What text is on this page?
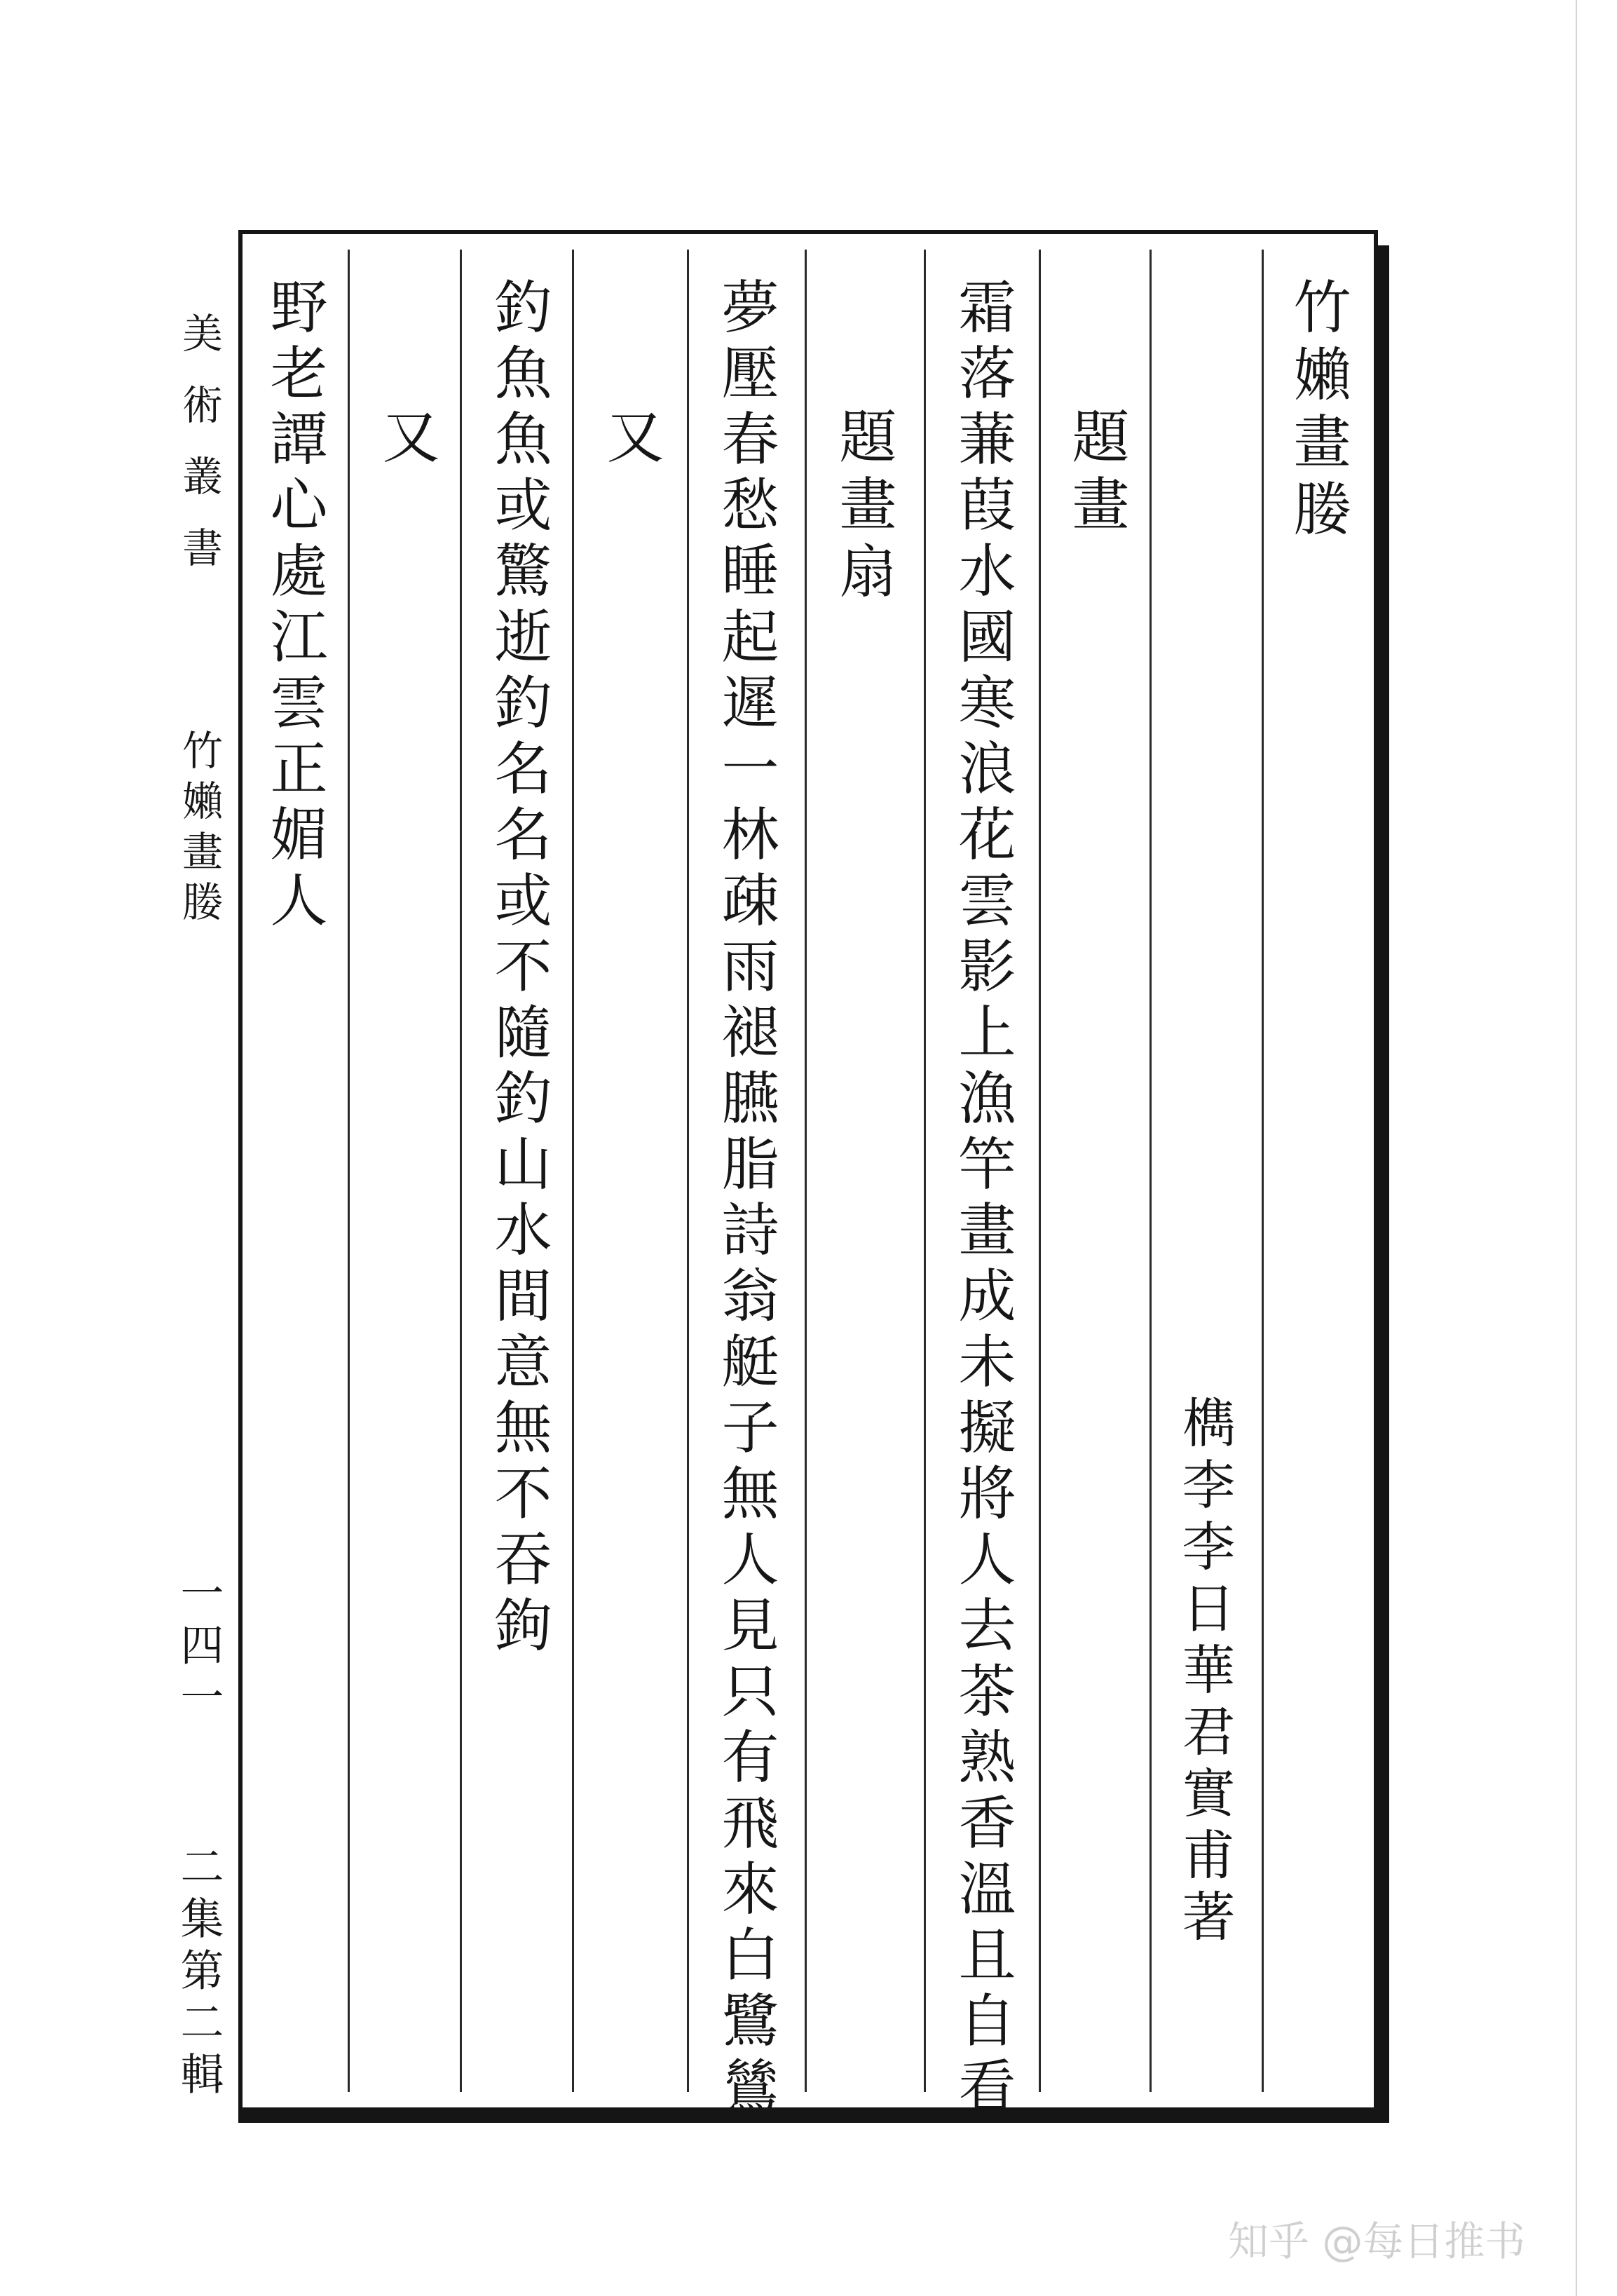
美術叢書
竹嬾畫媵
一四一
二集第二輯
竹嬾畫媵
檇李李日華君實甫著
題畫
霜落蒹葭水國寒浪花雲影上漁竿畫成未擬將人去茶熟香溫且自看
題畫扇
夢壓春愁睡起遲一林疎雨褪臙脂詩翁艇子無人見只有飛來白鷺鷥
又
釣魚魚或驚逝釣名名或不隨釣山水間意無不吞鉤
又
野老譚心處江雲正媚人
知乎 @每日推书
